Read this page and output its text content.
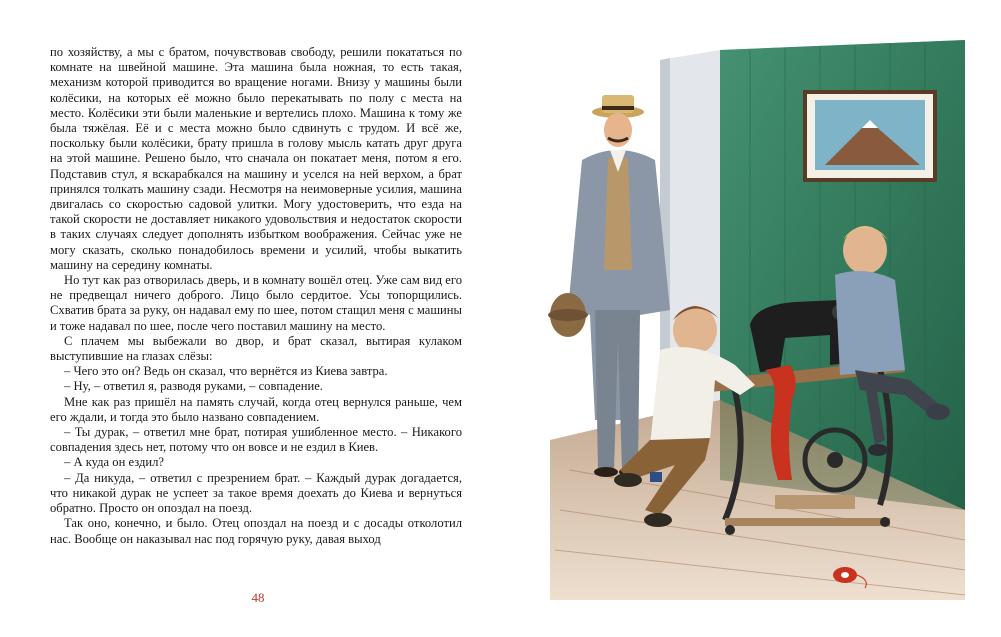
по хозяйству, а мы с братом, почувствовав свободу, решили покататься по комнате на швейной машине. Эта машина была ножная, то есть такая, механизм которой приводится во вращение ногами. Внизу у машины были колёсики, на которых её можно было перекатывать по полу с места на место. Колёсики эти были маленькие и вертелись плохо. Машина к тому же была тяжёлая. Её и с места можно было сдвинуть с трудом. И всё же, поскольку были колёсики, брату пришла в голову мысль катать друг друга на этой машине. Решено было, что сначала он покатает меня, потом я его. Подставив стул, я вскарабкался на машину и уселся на ней верхом, а брат принялся толкать машину сзади. Несмотря на неимоверные усилия, машина двигалась со скоростью садовой улитки. Могу удостоверить, что езда на такой скорости не доставляет никакого удовольствия и недостаток скорости в таких случаях следует дополнять избытком воображения. Сейчас уже не могу сказать, сколько понадобилось времени и усилий, чтобы выкатить машину на середину комнаты.

Но тут как раз отворилась дверь, и в комнату вошёл отец. Уже сам вид его не предвещал ничего доброго. Лицо было сердитое. Усы топорщились. Схватив брата за руку, он надавал ему по шее, потом стащил меня с машины и тоже надавал по шее, после чего поставил машину на место.

С плачем мы выбежали во двор, и брат сказал, вытирая кулаком выступившие на глазах слёзы:

– Чего это он? Ведь он сказал, что вернётся из Киева завтра.

– Ну, – ответил я, разводя руками, – совпадение.

Мне как раз пришёл на память случай, когда отец вернулся раньше, чем его ждали, и тогда это было названо совпадением.

– Ты дурак, – ответил мне брат, потирая ушибленное место. – Никакого совпадения здесь нет, потому что он вовсе и не ездил в Киев.

– А куда он ездил?

– Да никуда, – ответил с презрением брат. – Каждый дурак догадается, что никакой дурак не успеет за такое время доехать до Киева и вернуться обратно. Просто он опоздал на поезд.

Так оно, конечно, и было. Отец опоздал на поезд и с досады отколотил нас. Вообще он наказывал нас под горячую руку, давая выход

48
